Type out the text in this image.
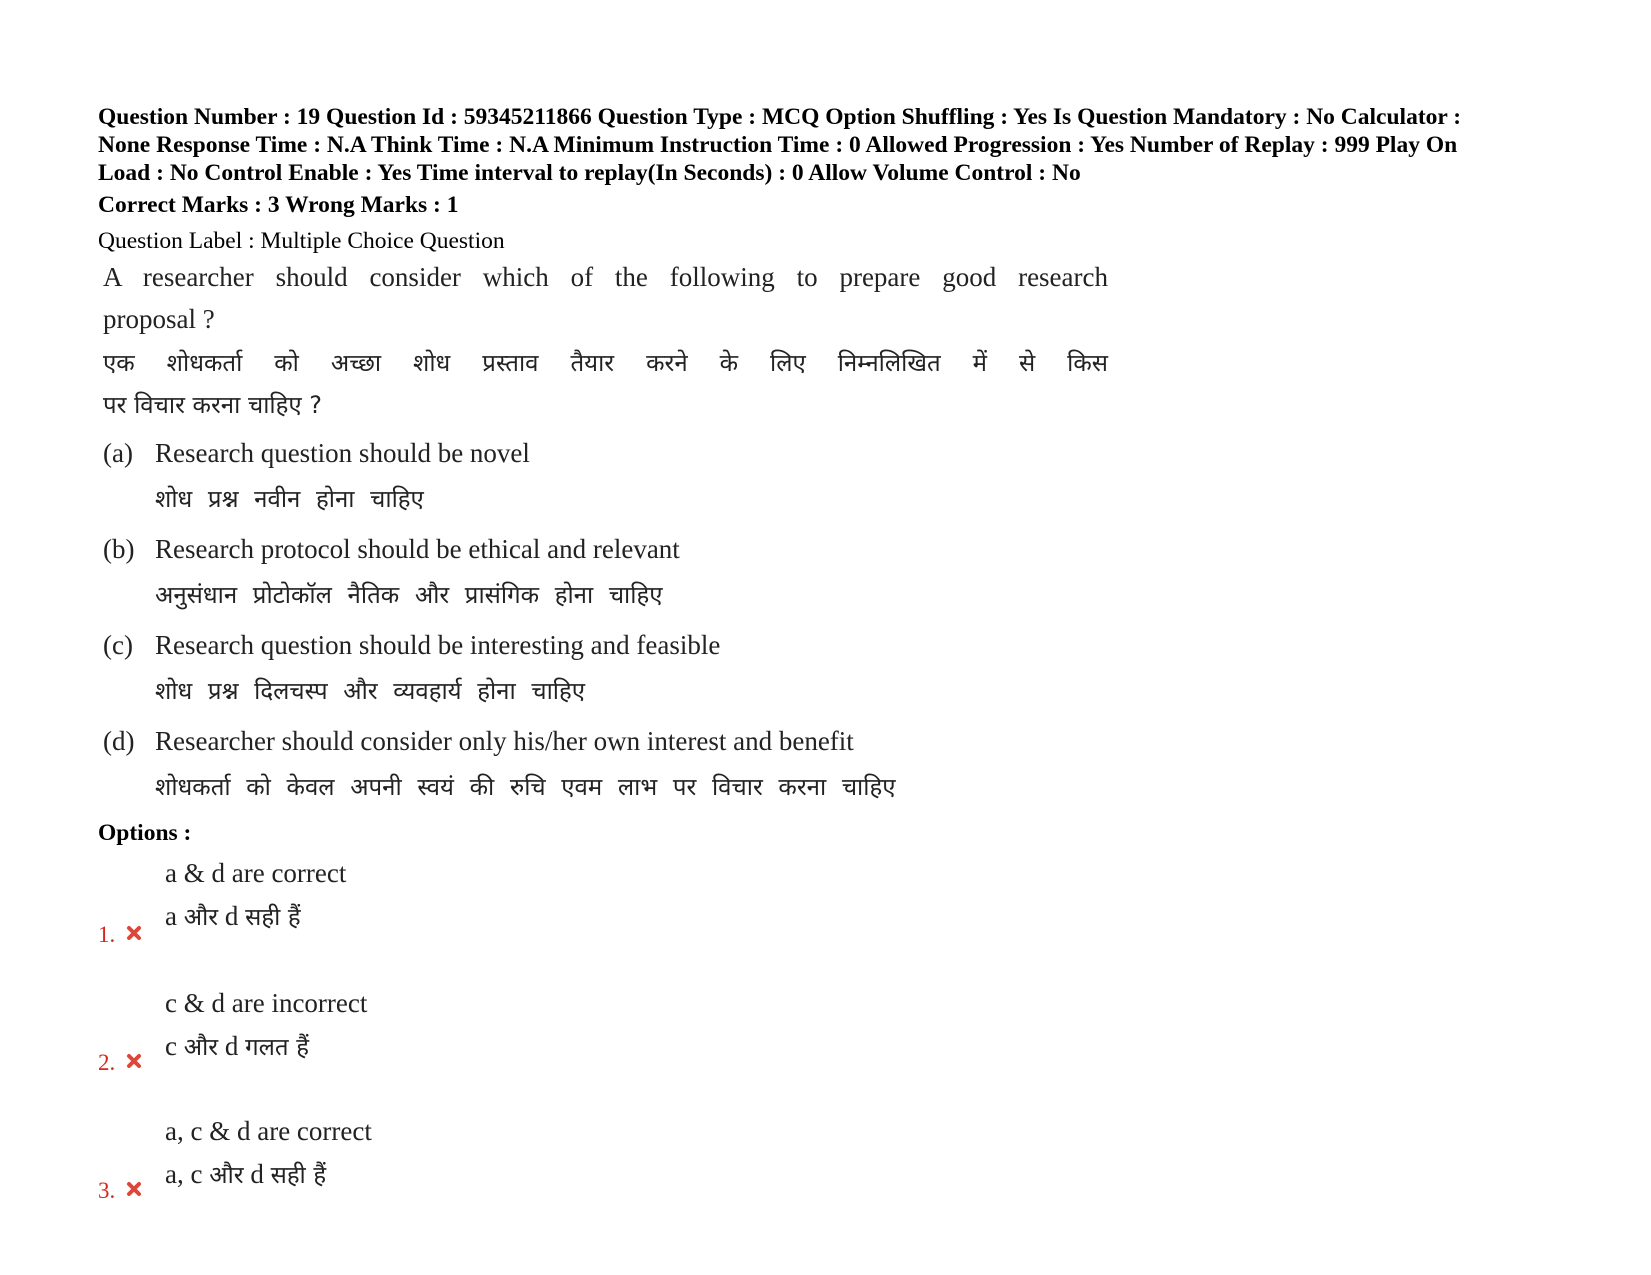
Question Number : 19 Question Id : 59345211866 Question Type : MCQ Option Shuffling : Yes Is Question Mandatory : No Calculator :
None Response Time : N.A Think Time : N.A Minimum Instruction Time : 0 Allowed Progression : Yes Number of Replay : 999 Play On
Load : No Control Enable : Yes Time interval to replay(In Seconds) : 0 Allow Volume Control : No
Correct Marks : 3 Wrong Marks : 1
Question Label : Multiple Choice Question
A researcher should consider which of the following to prepare good research
proposal ?
एक शोधकर्ता को अच्छा शोध प्रस्ताव तैयार करने के लिए निम्नलिखित में से किस
पर विचार करना चाहिए ?
(a) Research question should be novel
शोध प्रश्न नवीन होना चाहिए
(b) Research protocol should be ethical and relevant
अनुसंधान प्रोटोकॉल नैतिक और प्रासंगिक होना चाहिए
(c) Research question should be interesting and feasible
शोध प्रश्न दिलचस्प और व्यवहार्य होना चाहिए
(d) Researcher should consider only his/her own interest and benefit
शोधकर्ता को केवल अपनी स्वयं की रुचि एवम लाभ पर विचार करना चाहिए
Options :
a & d are correct
a और d सही हैं
1.
c & d are incorrect
c और d गलत हैं
2.
a, c & d are correct
a, c और d सही हैं
3.
